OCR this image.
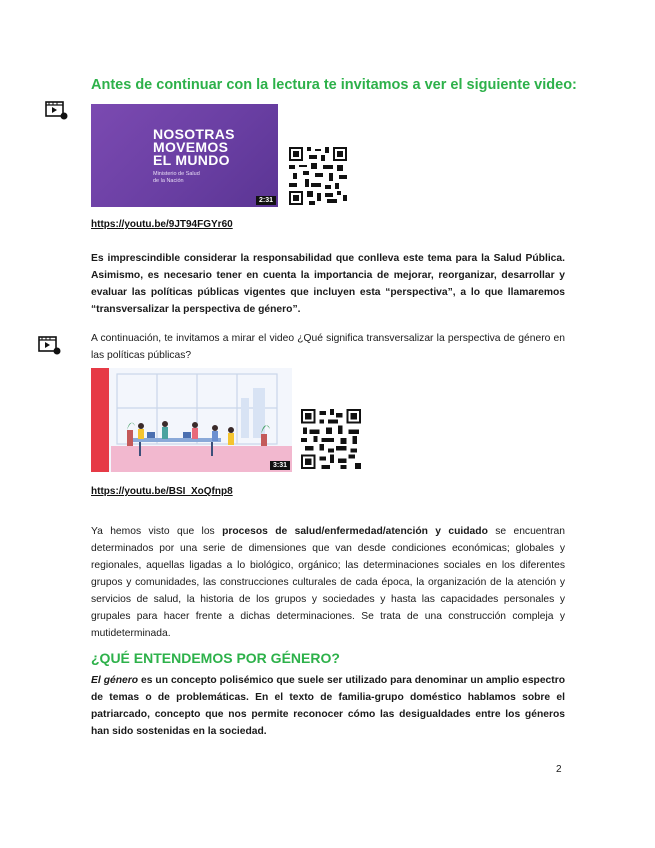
Antes de continuar con la lectura te invitamos a ver el siguiente video:
NOSOTRAS
MOVEMOS
EL MUNDO
Ministerio de Salud
de la Nación
2:31
https://youtu.be/9JT94FGYr60
Es imprescindible considerar la responsabilidad que conlleva este tema para la Salud Pública. Asimismo, es necesario tener en cuenta la importancia de mejorar, reorganizar, desarrollar y evaluar las políticas públicas vigentes que incluyen esta “perspectiva”, a lo que llamaremos “transversalizar la perspectiva de género”.
A continuación, te invitamos a mirar el video ¿Qué significa transversalizar la perspectiva de género en las políticas públicas?
3:31
https://youtu.be/BSI_XoQfnp8
Ya hemos visto que los procesos de salud/enfermedad/atención y cuidado se encuentran determinados por una serie de dimensiones que van desde condiciones económicas; globales y regionales, aquellas ligadas a lo biológico, orgánico; las determinaciones sociales en los diferentes grupos y comunidades, las construcciones culturales de cada época, la organización de la atención y servicios de salud, la historia de los grupos y sociedades y hasta las capacidades personales y grupales para hacer frente a dichas determinaciones. Se trata de una construcción compleja y mutideterminada.
¿QUÉ ENTENDEMOS POR GÉNERO?
El género es un concepto polisémico que suele ser utilizado para denominar un amplio espectro de temas o de problemáticas. En el texto de familia-grupo doméstico hablamos sobre el patriarcado, concepto que nos permite reconocer cómo las desigualdades entre los géneros han sido sostenidas en la sociedad.
2
